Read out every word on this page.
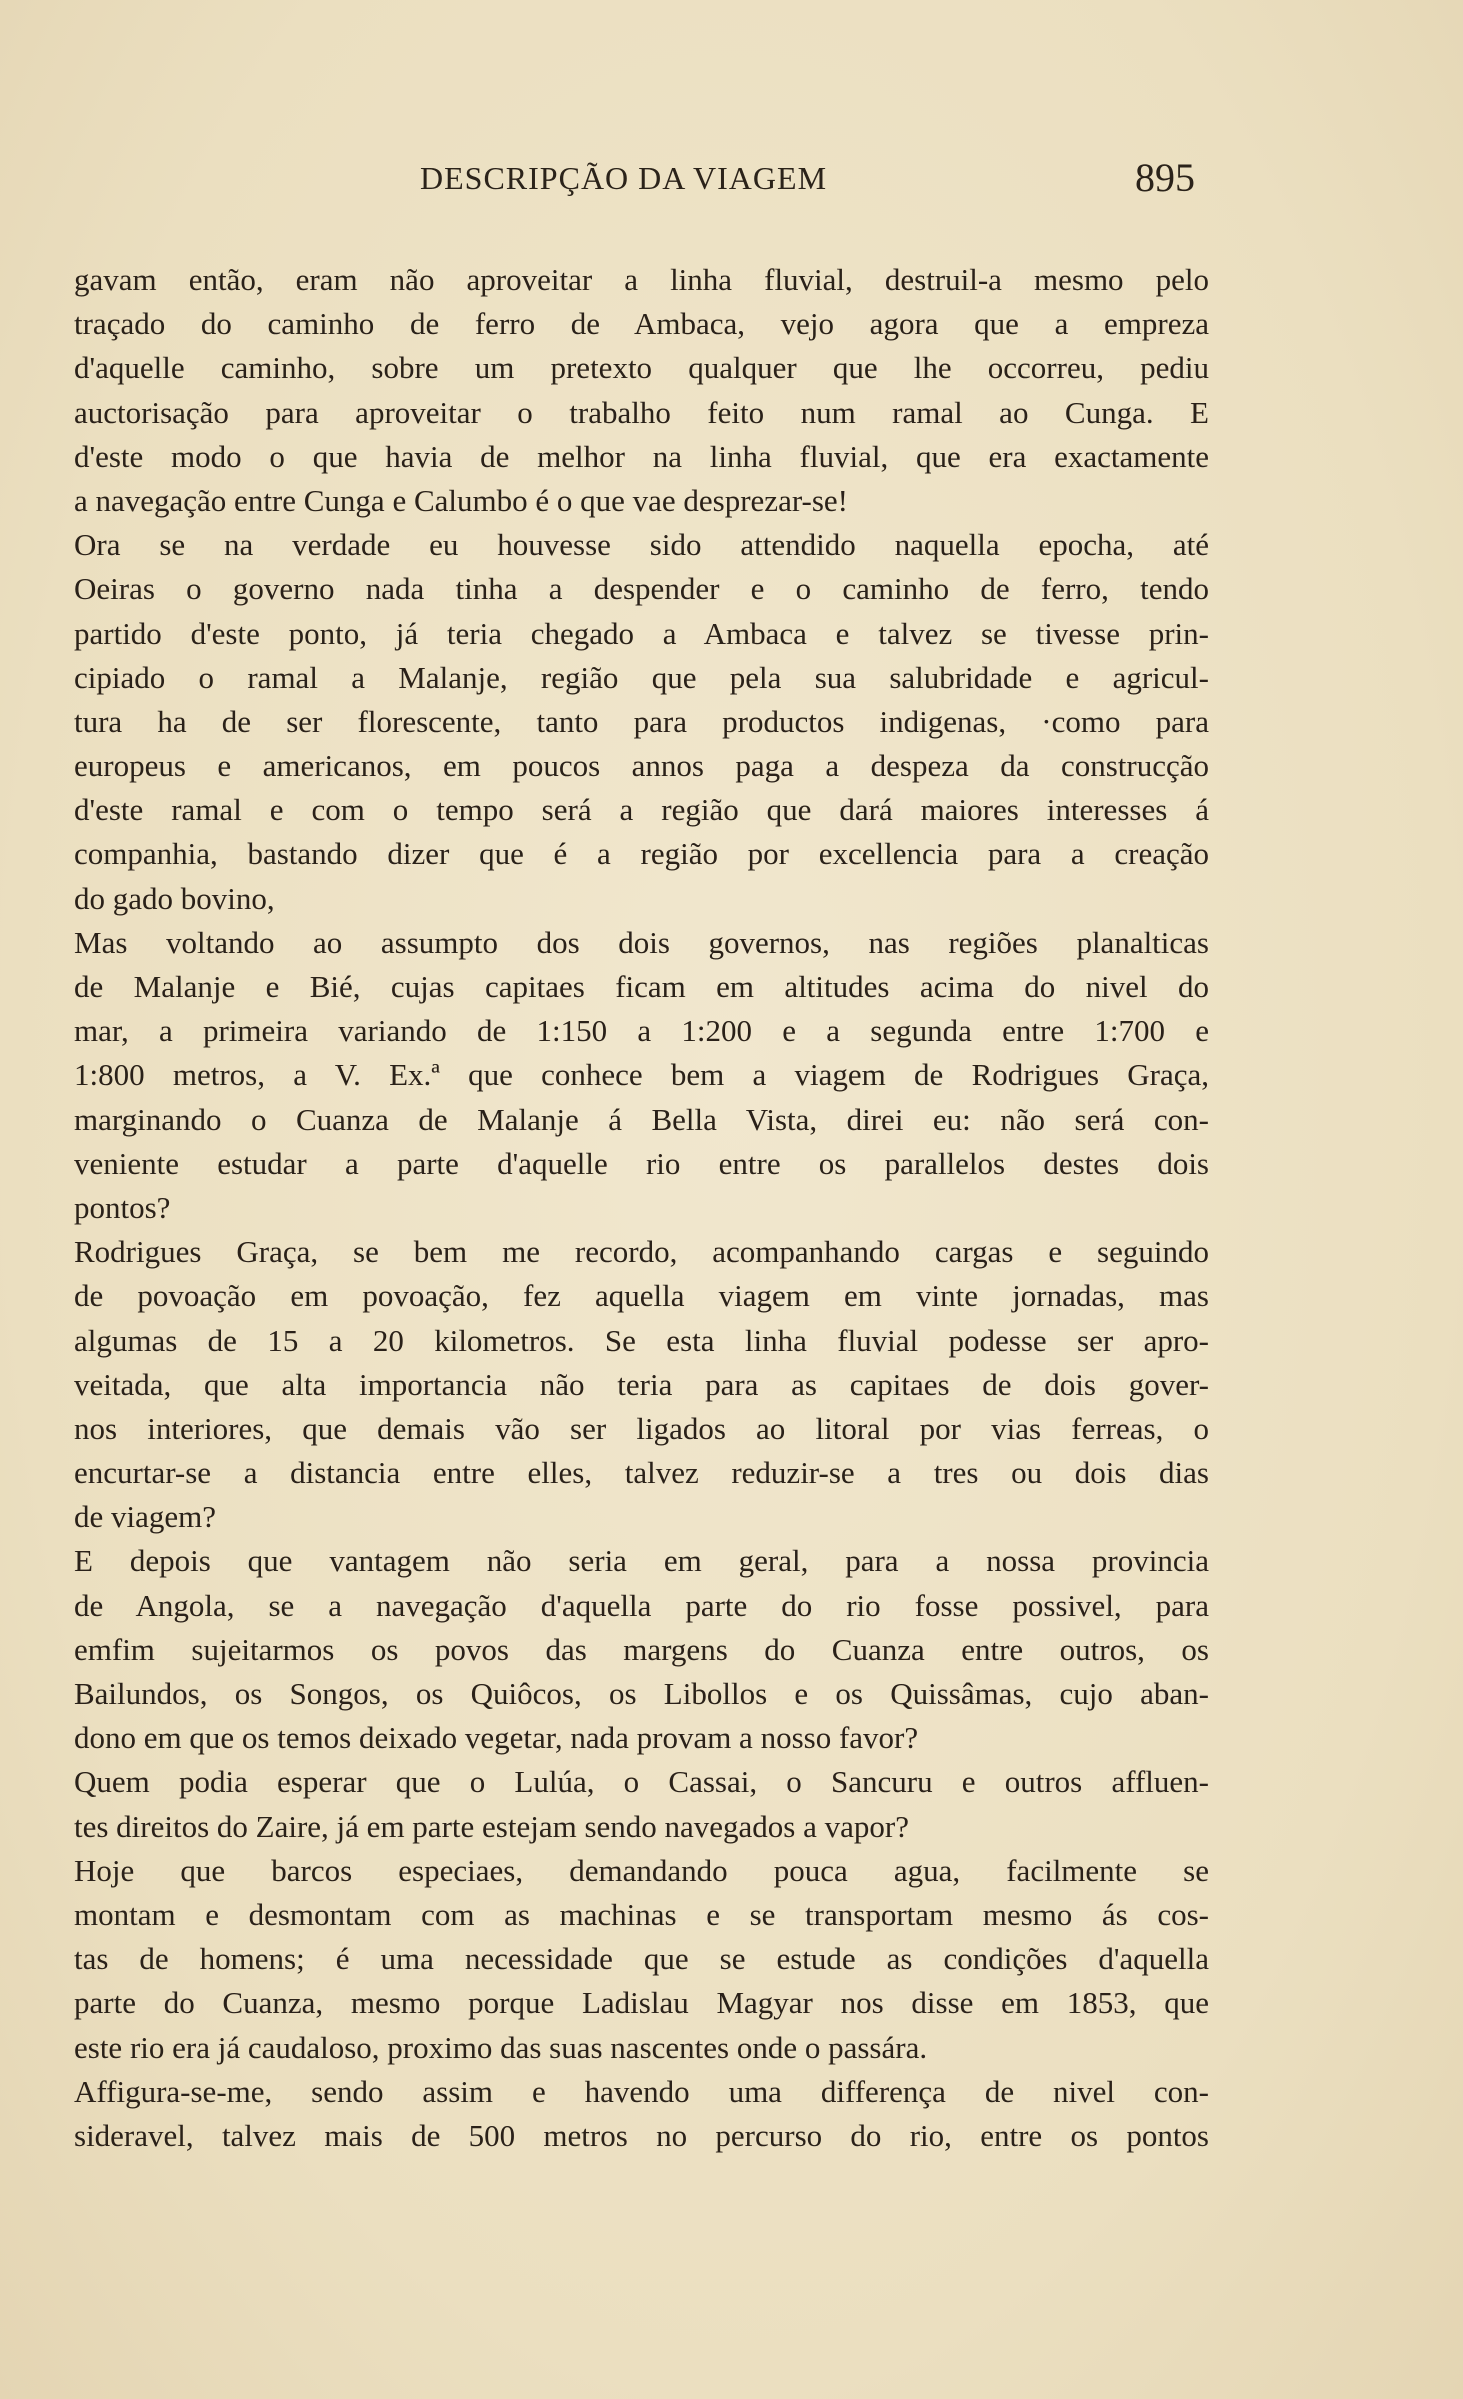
DESCRIPÇÃO DA VIAGEM	895
gavam então, eram não aproveitar a linha fluvial, destruil-a mesmo pelo
traçado do caminho de ferro de Ambaca, vejo agora que a empreza
d'aquelle caminho, sobre um pretexto qualquer que lhe occorreu, pediu
auctorisação para aproveitar o trabalho feito num ramal ao Cunga. E
d'este modo o que havia de melhor na linha fluvial, que era exactamente
a navegação entre Cunga e Calumbo é o que vae desprezar-se!
Ora se na verdade eu houvesse sido attendido naquella epocha, até
Oeiras o governo nada tinha a despender e o caminho de ferro, tendo
partido d'este ponto, já teria chegado a Ambaca e talvez se tivesse prin-
cipiado o ramal a Malanje, região que pela sua salubridade e agricul-
tura ha de ser florescente, tanto para productos indigenas, ·como para
europeus e americanos, em poucos annos paga a despeza da construcção
d'este ramal e com o tempo será a região que dará maiores interesses á
companhia, bastando dizer que é a região por excellencia para a creação
do gado bovino,
Mas voltando ao assumpto dos dois governos, nas regiões planalticas
de Malanje e Bié, cujas capitaes ficam em altitudes acima do nivel do
mar, a primeira variando de 1:150 a 1:200 e a segunda entre 1:700 e
1:800 metros, a V. Ex.ª que conhece bem a viagem de Rodrigues Graça,
marginando o Cuanza de Malanje á Bella Vista, direi eu: não será con-
veniente estudar a parte d'aquelle rio entre os parallelos destes dois
pontos?
Rodrigues Graça, se bem me recordo, acompanhando cargas e seguindo
de povoação em povoação, fez aquella viagem em vinte jornadas, mas
algumas de 15 a 20 kilometros. Se esta linha fluvial podesse ser apro-
veitada, que alta importancia não teria para as capitaes de dois gover-
nos interiores, que demais vão ser ligados ao litoral por vias ferreas, o
encurtar-se a distancia entre elles, talvez reduzir-se a tres ou dois dias
de viagem?
E depois que vantagem não seria em geral, para a nossa provincia
de Angola, se a navegação d'aquella parte do rio fosse possivel, para
emfim sujeitarmos os povos das margens do Cuanza entre outros, os
Bailundos, os Songos, os Quiôcos, os Libollos e os Quissâmas, cujo aban-
dono em que os temos deixado vegetar, nada provam a nosso favor?
Quem podia esperar que o Lulúa, o Cassai, o Sancuru e outros affluen-
tes direitos do Zaire, já em parte estejam sendo navegados a vapor?
Hoje que barcos especiaes, demandando pouca agua, facilmente se
montam e desmontam com as machinas e se transportam mesmo ás cos-
tas de homens; é uma necessidade que se estude as condições d'aquella
parte do Cuanza, mesmo porque Ladislau Magyar nos disse em 1853, que
este rio era já caudaloso, proximo das suas nascentes onde o passára.
Affigura-se-me, sendo assim e havendo uma differença de nivel con-
sideravel, talvez mais de 500 metros no percurso do rio, entre os pontos
